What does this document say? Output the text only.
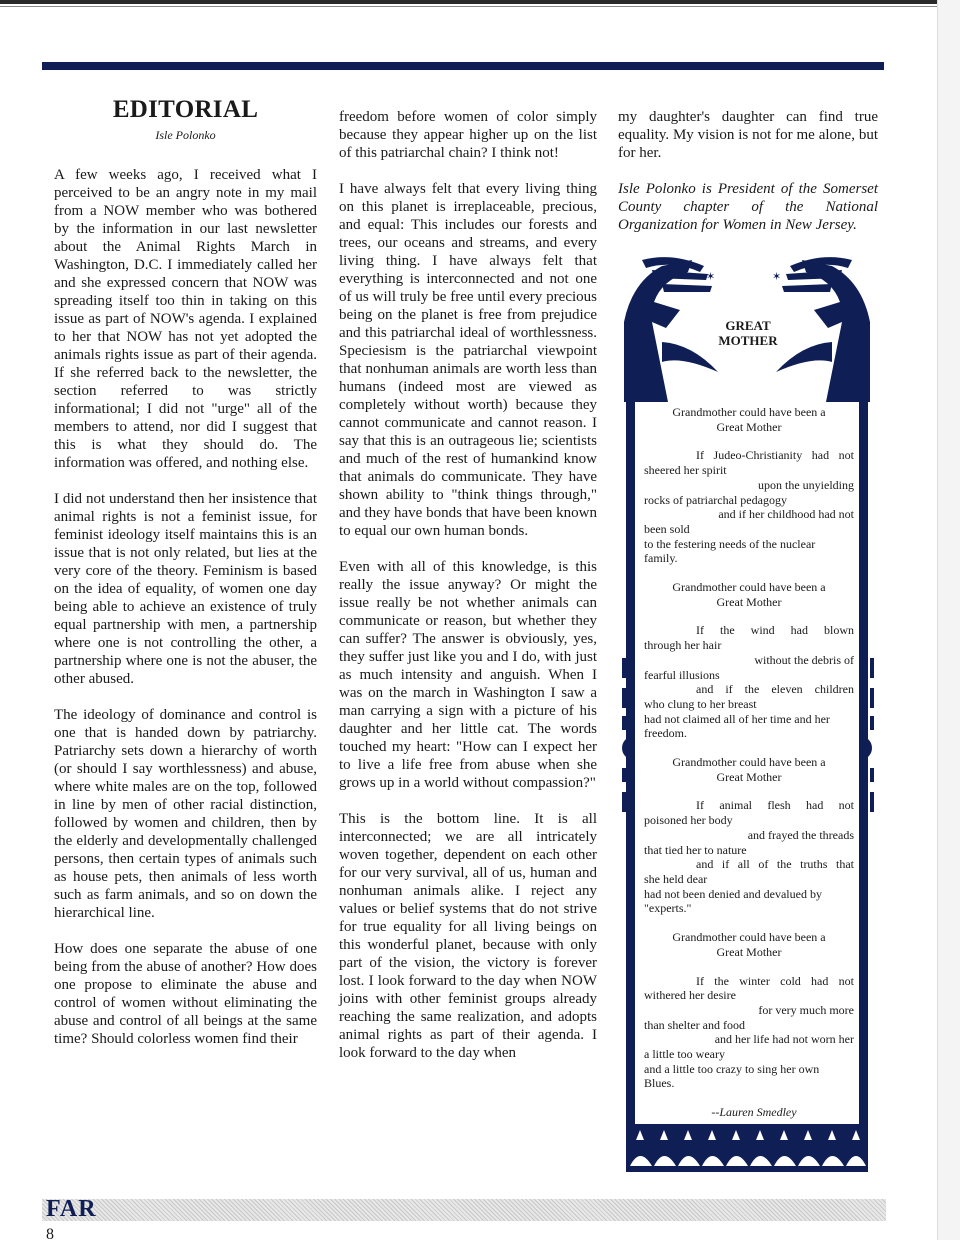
EDITORIAL
Isle Polonko

A few weeks ago, I received what I perceived to be an angry note in my mail from a NOW member who was bothered by the information in our last newsletter about the Animal Rights March in Washington, D.C. I immediately called her and she expressed concern that NOW was spreading itself too thin in taking on this issue as part of NOW's agenda. I explained to her that NOW has not yet adopted the animals rights issue as part of their agenda. If she referred back to the newsletter, the section referred to was strictly informational; I did not "urge" all of the members to attend, nor did I suggest that this is what they should do. The information was offered, and nothing else.

I did not understand then her insistence that animal rights is not a feminist issue, for feminist ideology itself maintains this is an issue that is not only related, but lies at the very core of the theory. Feminism is based on the idea of equality, of women one day being able to achieve an existence of truly equal partnership with men, a partnership where one is not controlling the other, a partnership where one is not the abuser, the other abused.

The ideology of dominance and control is one that is handed down by patriarchy. Patriarchy sets down a hierarchy of worth (or should I say worthlessness) and abuse, where white males are on the top, followed in line by men of other racial distinction, followed by women and children, then by the elderly and developmentally challenged persons, then certain types of animals such as house pets, then animals of less worth such as farm animals, and so on down the hierarchical line.

How does one separate the abuse of one being from the abuse of another? How does one propose to eliminate the abuse and control of women without eliminating the abuse and control of all beings at the same time? Should colorless women find their

freedom before women of color simply because they appear higher up on the list of this patriarchal chain? I think not!

I have always felt that every living thing on this planet is irreplaceable, precious, and equal: This includes our forests and trees, our oceans and streams, and every living thing. I have always felt that everything is interconnected and not one of us will truly be free until every precious being on the planet is free from prejudice and this patriarchal ideal of worthlessness. Speciesism is the patriarchal viewpoint that nonhuman animals are worth less than humans (indeed most are viewed as completely without worth) because they cannot communicate and cannot reason. I say that this is an outrageous lie; scientists and much of the rest of humankind know that animals do communicate. They have shown ability to "think things through," and they have bonds that have been known to equal our own human bonds.

Even with all of this knowledge, is this really the issue anyway? Or might the issue really be not whether animals can communicate or reason, but whether they can suffer? The answer is obviously, yes, they suffer just like you and I do, with just as much intensity and anguish. When I was on the march in Washington I saw a man carrying a sign with a picture of his daughter and her little cat. The words touched my heart: "How can I expect her to live a life free from abuse when she grows up in a world without compassion?"

This is the bottom line. It is all interconnected; we are all intricately woven together, dependent on each other for our very survival, all of us, human and nonhuman animals alike. I reject any values or belief systems that do not strive for true equality for all living beings on this wonderful planet, because with only part of the vision, the victory is forever lost. I look forward to the day when NOW joins with other feminist groups already reaching the same realization, and adopts animal rights as part of their agenda. I look forward to the day when

my daughter's daughter can find true equality. My vision is not for me alone, but for her.

Isle Polonko is President of the Somerset County chapter of the National Organization for Women in New Jersey.

✶	✶
GREAT MOTHER

Grandmother could have been a

Great Mother

If Judeo-Christianity had not

sheered her spirit

upon the unyielding

rocks of patriarchal pedagogy

and if her childhood had not

been sold

to the festering needs of the nuclear

family.

Grandmother could have been a

Great Mother

If the wind had blown

through her hair

without the debris of

fearful illusions

and if the eleven children

who clung to her breast

had not claimed all of her time and her

freedom.

Grandmother could have been a

Great Mother

If animal flesh had not

poisoned her body

and frayed the threads

that tied her to nature

and if all of the truths that

she held dear

had not been denied and devalued by

"experts."

Grandmother could have been a

Great Mother

If the winter cold had not

withered her desire

for very much more

than shelter and food

and her life had not worn her

a little too weary

and a little too crazy to sing her own

Blues.

--Lauren Smedley

FAR
8
